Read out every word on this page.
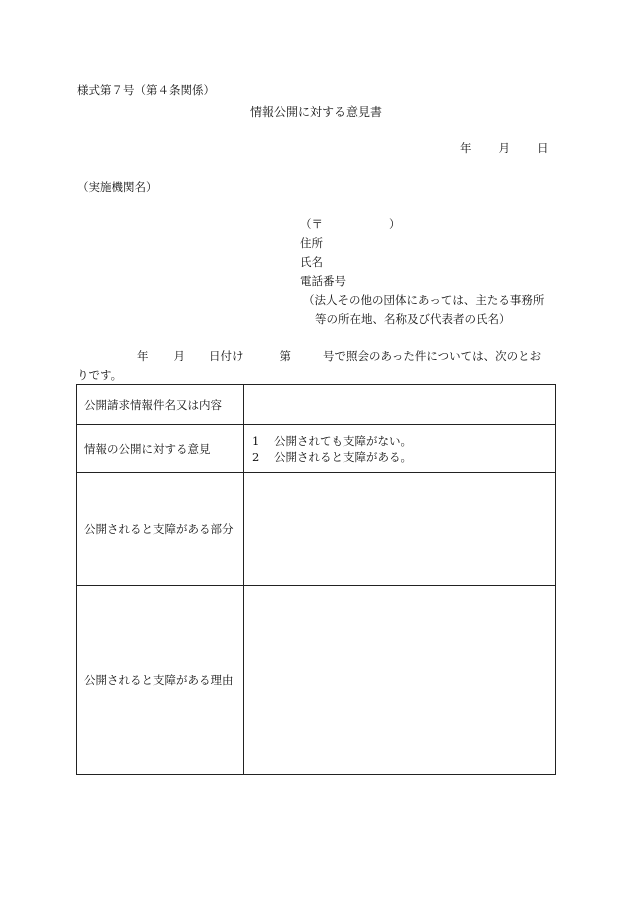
様式第７号（第４条関係）
情報公開に対する意見書
年 月 日
（実施機関名）
（〒	）
住所
氏名
電話番号
（法人その他の団体にあっては、主たる事務所
等の所在地、名称及び代表者の氏名）
年 月 日付け	第	号で照会のあった件については、次のとお
りです。
公開請求情報件名又は内容	
情報の公開に対する意見	1 公開されても支障がない。
2 公開されると支障がある。

公開されると支障がある部分	
公開されると支障がある理由	
